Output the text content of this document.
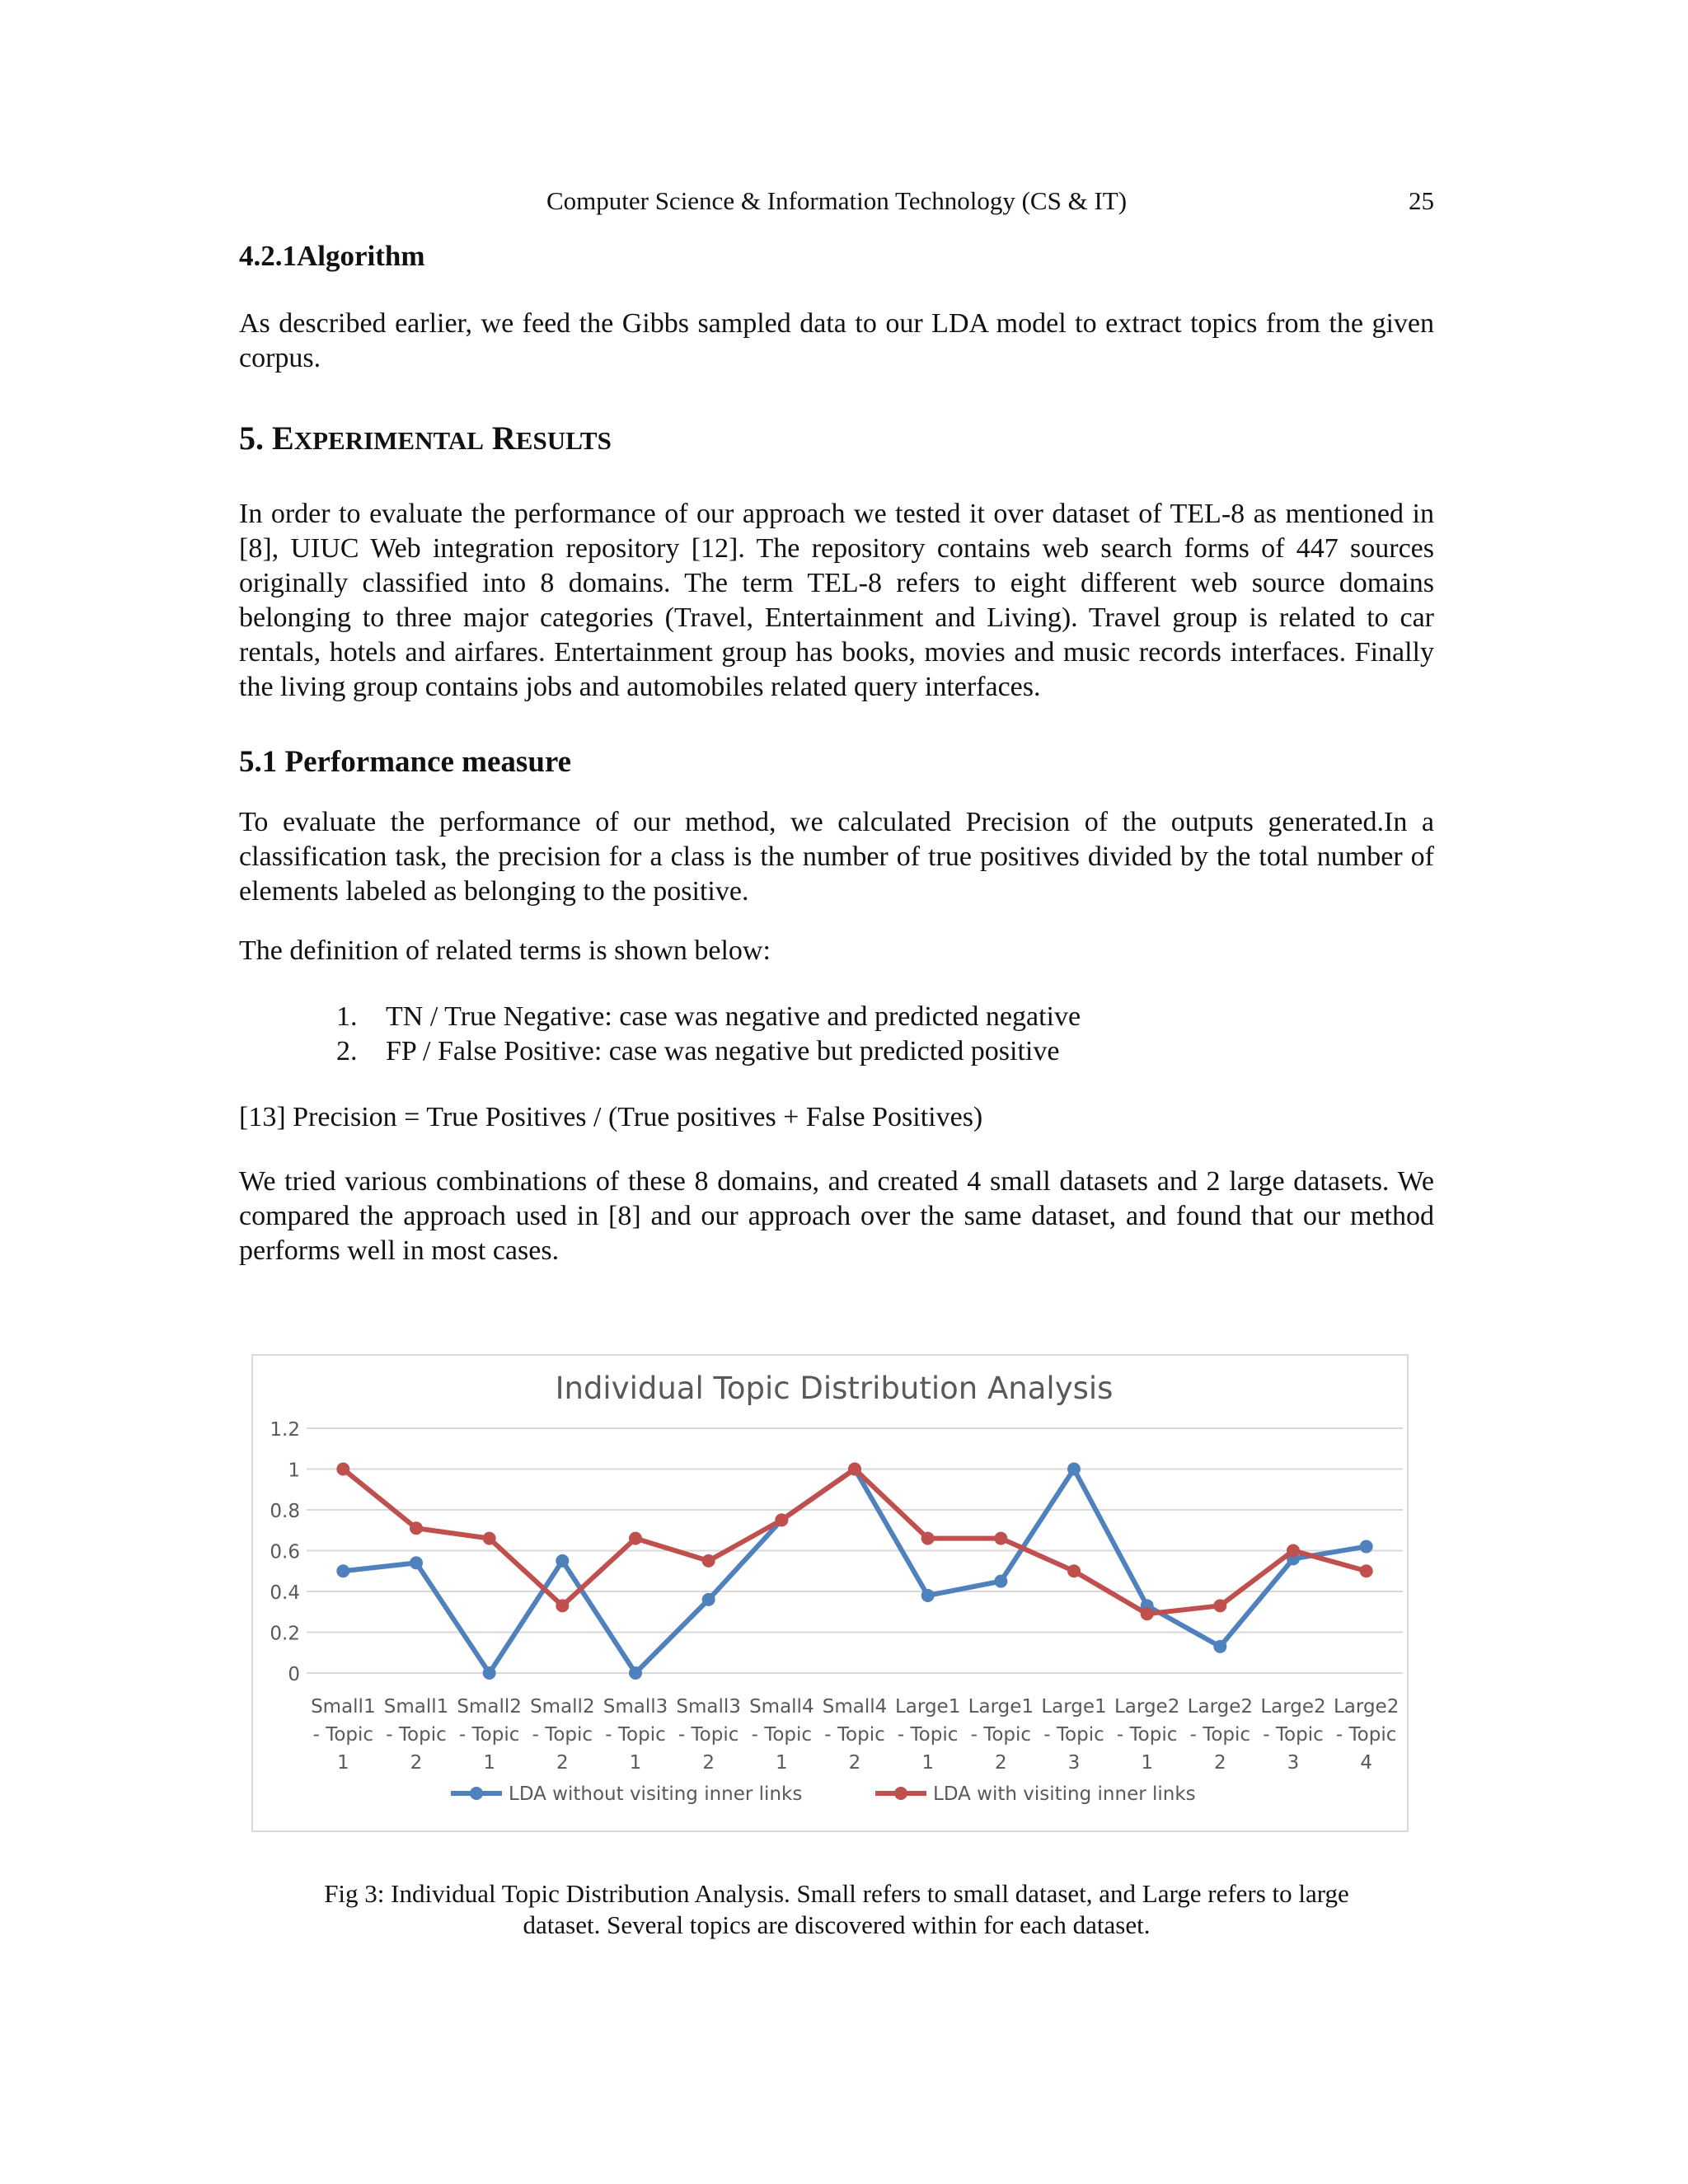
Computer Science & Information Technology (CS & IT)	25
4.2.1Algorithm

As described earlier, we feed the Gibbs sampled data to our LDA model to extract topics from the given corpus.

5. EXPERIMENTAL RESULTS

In order to evaluate the performance of our approach we tested it over dataset of TEL-8 as mentioned in [8], UIUC Web integration repository [12]. The repository contains web search forms of 447 sources originally classified into 8 domains. The term TEL-8 refers to eight different web source domains belonging to three major categories (Travel, Entertainment and Living). Travel group is related to car rentals, hotels and airfares. Entertainment group has books, movies and music records interfaces. Finally the living group contains jobs and automobiles related query interfaces.

5.1 Performance measure

To evaluate the performance of our method, we calculated Precision of the outputs generated.In a classification task, the precision for a class is the number of true positives divided by the total number of elements labeled as belonging to the positive.

The definition of related terms is shown below:

1. TN / True Negative: case was negative and predicted negative
2. FP / False Positive: case was negative but predicted positive

[13] Precision = True Positives / (True positives + False Positives)

We tried various combinations of these 8 domains, and created 4 small datasets and 2 large datasets. We compared the approach used in [8] and our approach over the same dataset, and found that our method performs well in most cases.

Individual Topic Distribution Analysis
0
0.2
0.4
0.6
0.8
1
1.2
Small1
- Topic
1
Small1
- Topic
2
Small2
- Topic
1
Small2
- Topic
2
Small3
- Topic
1
Small3
- Topic
2
Small4
- Topic
1
Small4
- Topic
2
Large1
- Topic
1
Large1
- Topic
2
Large1
- Topic
3
Large2
- Topic
1
Large2
- Topic
2
Large2
- Topic
3
Large2
- Topic
4
LDA without visiting inner links	LDA with visiting inner links
Fig 3: Individual Topic Distribution Analysis. Small refers to small dataset, and Large refers to large
dataset. Several topics are discovered within for each dataset.
